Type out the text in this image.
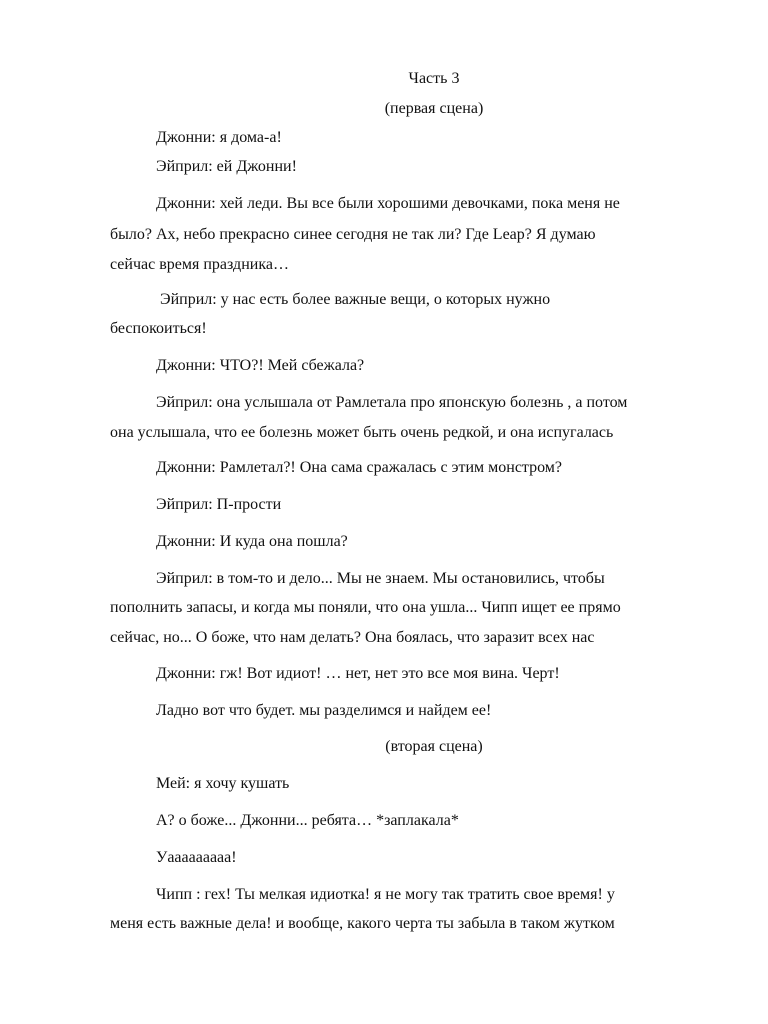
Часть 3

(первая сцена)

Джонни: я дома-а!

Эйприл: ей Джонни!

Джонни: хей леди. Вы все были хорошими девочками, пока меня не

было? Ах, небо прекрасно синее сегодня не так ли? Где Leap? Я думаю

сейчас время праздника…

Эйприл: у нас есть более важные вещи, о которых нужно

беспокоиться!

Джонни: ЧТО?! Мей сбежала?

Эйприл: она услышала от Рамлетала про японскую болезнь , а потом

она услышала, что ее болезнь может быть очень редкой, и она испугалась

Джонни: Рамлетал?! Она сама сражалась с этим монстром?

Эйприл: П-прости

Джонни: И куда она пошла?

Эйприл: в том-то и дело... Мы не знаем. Мы остановились, чтобы

пополнить запасы, и когда мы поняли, что она ушла... Чипп ищет ее прямо

сейчас, но... О боже, что нам делать? Она боялась, что заразит всех нас

Джонни: гж! Вот идиот! … нет, нет это все моя вина. Черт!

Ладно вот что будет. мы разделимся и найдем ее!

(вторая сцена)

Мей: я хочу кушать

А? о боже... Джонни... ребята… *заплакала*

Уааааааааа!

Чипп : гех! Ты мелкая идиотка! я не могу так тратить свое время! у

меня есть важные дела! и вообще, какого черта ты забыла в таком жутком
